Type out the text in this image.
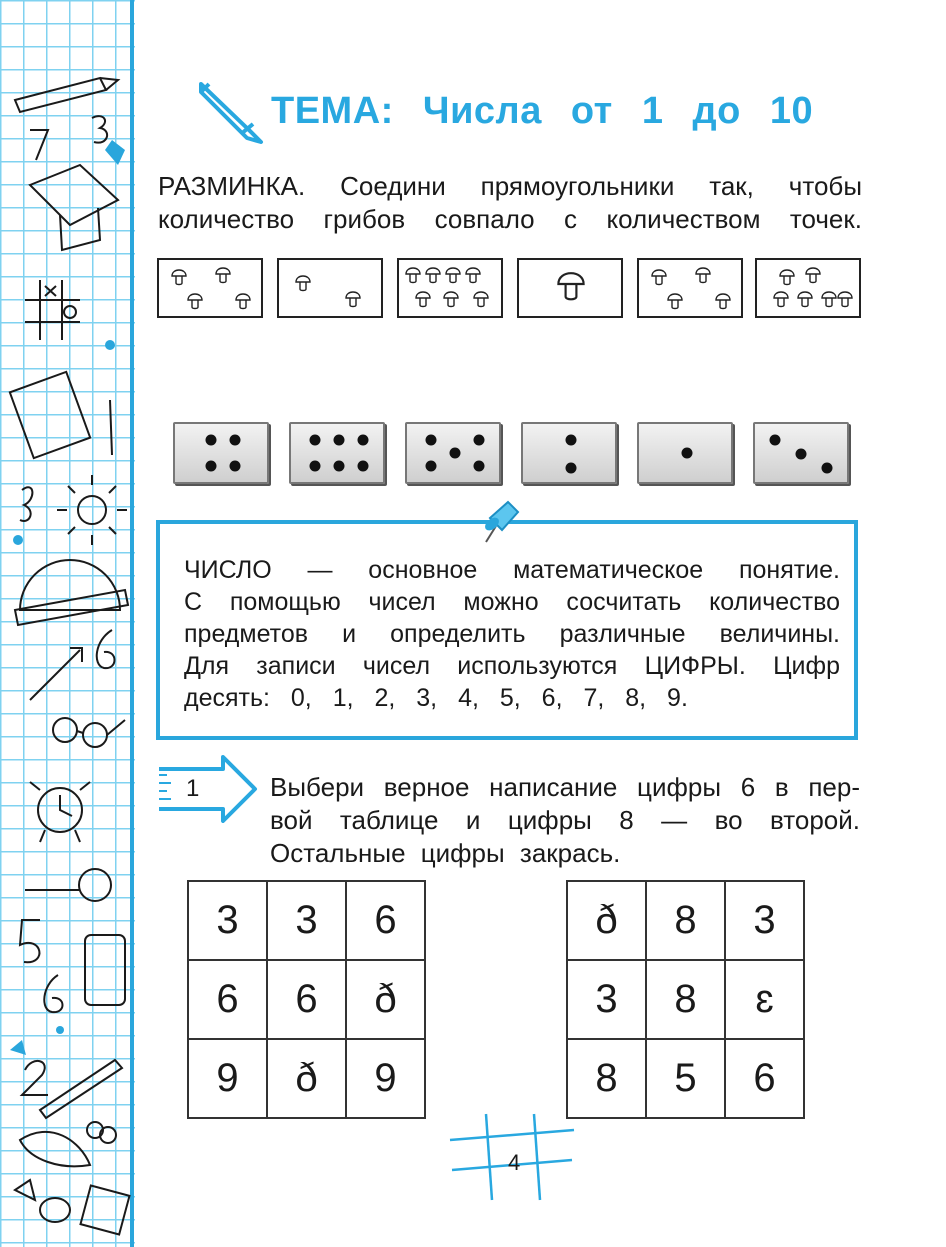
ТЕМА: Числа от 1 до 10

РАЗМИНКА. Соедини прямоугольники так, чтобы

количество грибов совпало с количеством точек.

ЧИСЛО — основное математическое понятие.

С помощью чисел можно сосчитать количество

предметов и определить различные величины.

Для записи чисел используются ЦИФРЫ. Цифр

десять: 0, 1, 2, 3, 4, 5, 6, 7, 8, 9.

1	Выбери верное написание цифры 6 в пер-

вой таблице и цифры 8 — во второй.

Остальные цифры закрась.

3	3	6
6	6	ð
9	ð	9
ð	8	3
3	8	ɛ
8	5	6
4
